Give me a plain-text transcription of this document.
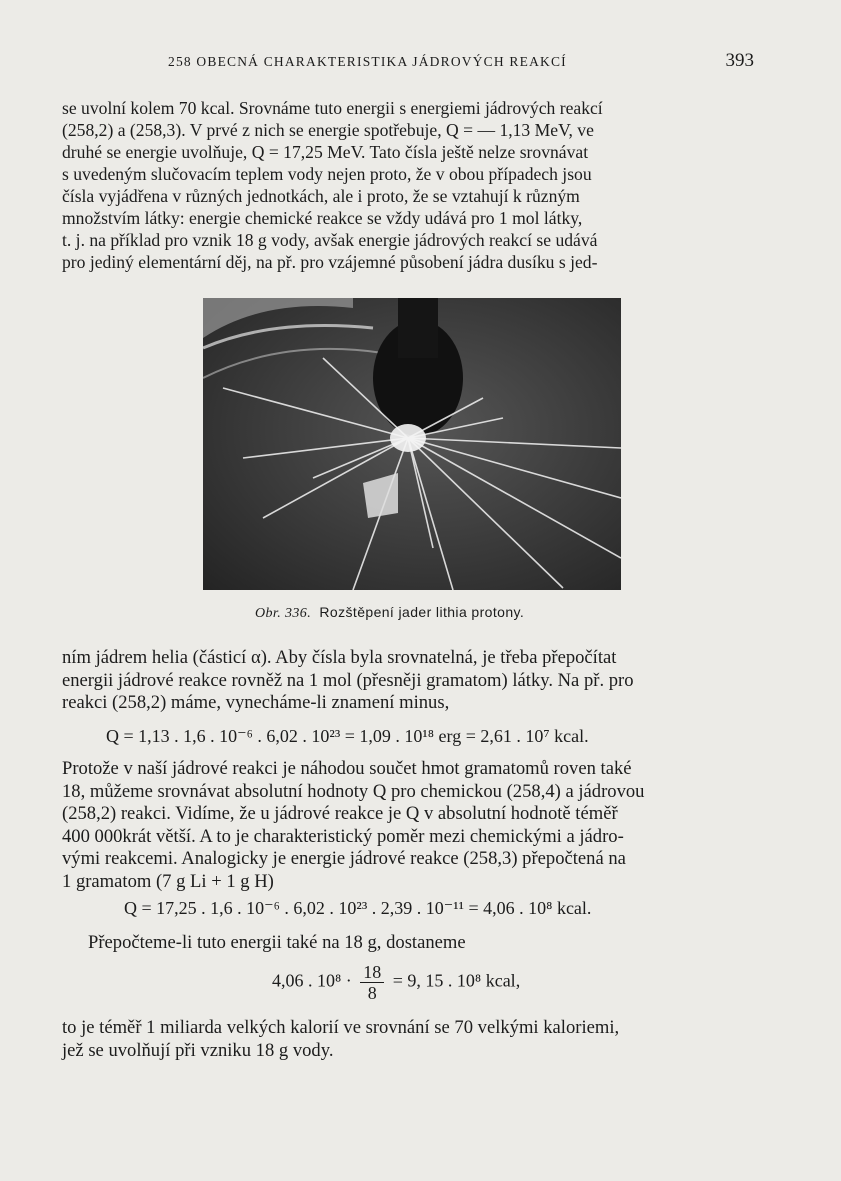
258 OBECNÁ CHARAKTERISTIKA JÁDROVÝCH REAKCÍ	393
se uvolní kolem 70 kcal. Srovnáme tuto energii s energiemi jádrových reakcí
(258,2) a (258,3). V prvé z nich se energie spotřebuje, Q = — 1,13 MeV, ve
druhé se energie uvolňuje, Q = 17,25 MeV. Tato čísla ještě nelze srovnávat
s uvedeným slučovacím teplem vody nejen proto, že v obou případech jsou
čísla vyjádřena v různých jednotkách, ale i proto, že se vztahují k různým
množstvím látky: energie chemické reakce se vždy udává pro 1 mol látky,
t. j. na příklad pro vznik 18 g vody, avšak energie jádrových reakcí se udává
pro jediný elementární děj, na př. pro vzájemné působení jádra dusíku s jed-
Obr. 336. Rozštěpení jader lithia protony.
ním jádrem helia (částicí α). Aby čísla byla srovnatelná, je třeba přepočítat
energii jádrové reakce rovněž na 1 mol (přesněji gramatom) látky. Na př. pro
reakci (258,2) máme, vynecháme-li znamení minus,
Q = 1,13 . 1,6 . 10⁻⁶ . 6,02 . 10²³ = 1,09 . 10¹⁸ erg = 2,61 . 10⁷ kcal.
Protože v naší jádrové reakci je náhodou součet hmot gramatomů roven také
18, můžeme srovnávat absolutní hodnoty Q pro chemickou (258,4) a jádrovou
(258,2) reakci. Vidíme, že u jádrové reakce je Q v absolutní hodnotě téměř
400 000krát větší. A to je charakteristický poměr mezi chemickými a jádro-
vými reakcemi. Analogicky je energie jádrové reakce (258,3) přepočtená na
1 gramatom (7 g Li + 1 g H)
Q = 17,25 . 1,6 . 10⁻⁶ . 6,02 . 10²³ . 2,39 . 10⁻¹¹ = 4,06 . 10⁸ kcal.
Přepočteme-li tuto energii také na 18 g, dostaneme
4,06 . $10^8 \cdot \frac{18}{8} = 9$, 15 . 10⁸ kcal,
to je téměř 1 miliarda velkých kalorií ve srovnání se 70 velkými kaloriemi,
jež se uvolňují při vzniku 18 g vody.
